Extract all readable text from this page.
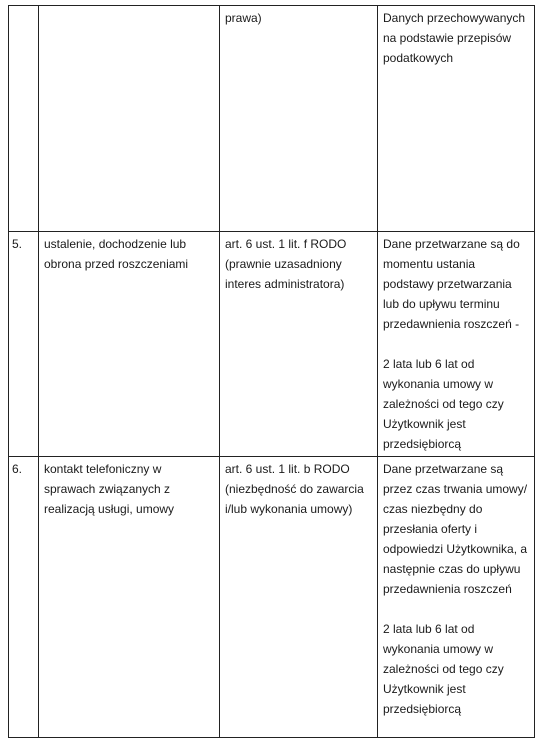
		prawa)	Danych przechowywanych na podstawie przepisów podatkowych

5.	ustalenie, dochodzenie lub obrona przed roszczeniami	art. 6 ust. 1 lit. f RODO (prawnie uzasadniony interes administratora)	Dane przetwarzane są do momentu ustania podstawy przetwarzania lub do upływu terminu przedawnienia roszczeń -
2 lata lub 6 lat od wykonania umowy w zależności od tego czy Użytkownik jest przedsiębiorcą

6.	kontakt telefoniczny w sprawach związanych z realizacją usługi, umowy	art. 6 ust. 1 lit. b RODO (niezbędność do zawarcia i/lub wykonania umowy)	Dane przetwarzane są przez czas trwania umowy/ czas niezbędny do przesłania oferty i odpowiedzi Użytkownika, a następnie czas do upływu przedawnienia roszczeń
2 lata lub 6 lat od wykonania umowy w zależności od tego czy Użytkownik jest przedsiębiorcą
